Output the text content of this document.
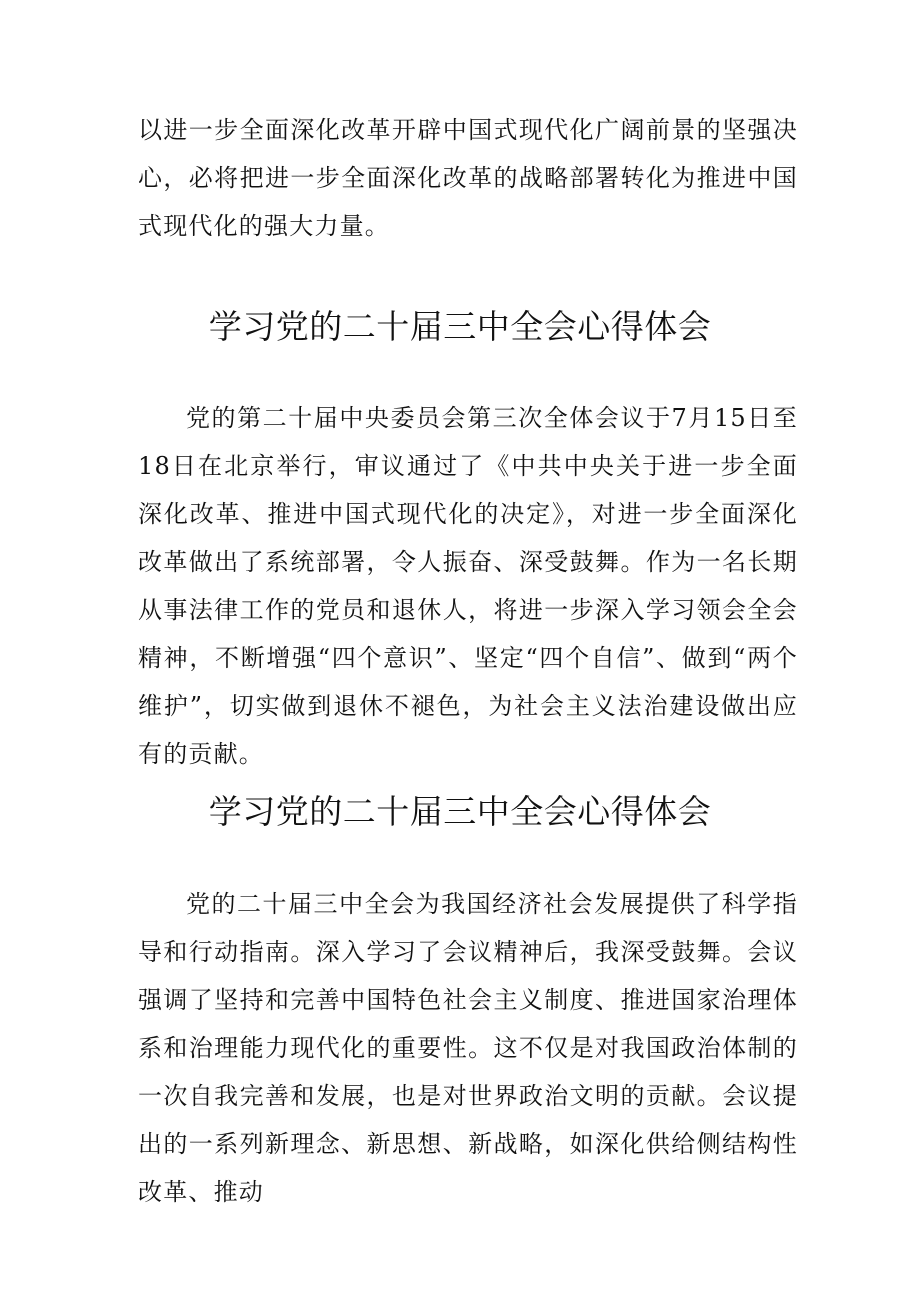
以进一步全面深化改革开辟中国式现代化广阔前景的坚强决心，必将把进一步全面深化改革的战略部署转化为推进中国式现代化的强大力量。

学习党的二十届三中全会心得体会

党的第二十届中央委员会第三次全体会议于7月15日至18日在北京举行，审议通过了《中共中央关于进一步全面深化改革、推进中国式现代化的决定》，对进一步全面深化改革做出了系统部署，令人振奋、深受鼓舞。作为一名长期从事法律工作的党员和退休人，将进一步深入学习领会全会精神，不断增强“四个意识”、坚定“四个自信”、做到“两个维护”，切实做到退休不褪色，为社会主义法治建设做出应有的贡献。

学习党的二十届三中全会心得体会

党的二十届三中全会为我国经济社会发展提供了科学指导和行动指南。深入学习了会议精神后，我深受鼓舞。会议强调了坚持和完善中国特色社会主义制度、推进国家治理体系和治理能力现代化的重要性。这不仅是对我国政治体制的一次自我完善和发展，也是对世界政治文明的贡献。会议提出的一系列新理念、新思想、新战略，如深化供给侧结构性改革、推动
